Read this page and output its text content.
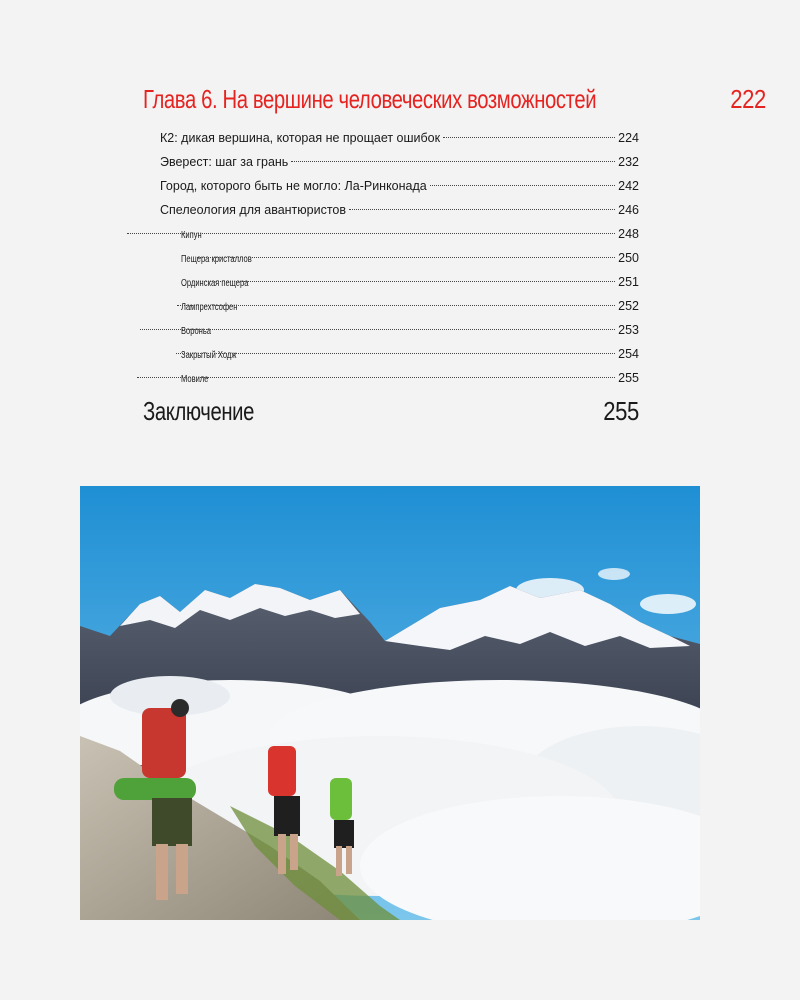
Глава 6. На вершине человеческих возможностей	222
К2: дикая вершина, которая не прощает ошибок	224
Эверест: шаг за грань	232
Город, которого быть не могло: Ла-Ринконада	242
Спелеология для авантюристов	246
Кипун	248
Пещера кристаллов	250
Ординская пещера	251
Лампрехтсофен	252
Вороньа	253
Закрытый Ходж	254
Мовиле	255
Заключение	255
